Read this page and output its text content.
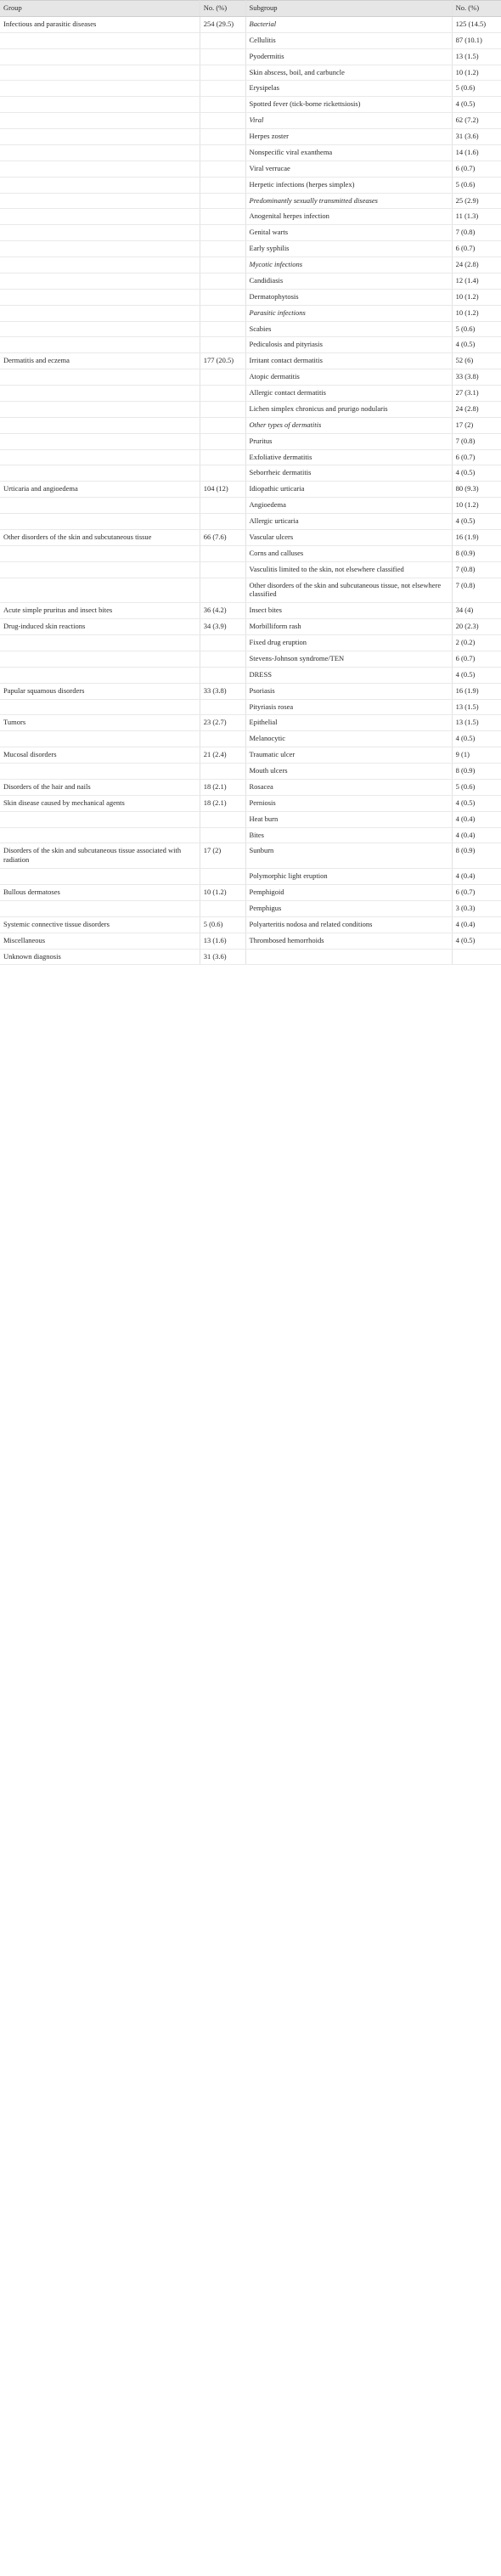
Group	No. (%)	Subgroup	No. (%)
Infectious and parasitic diseases	254 (29.5)	Bacterial	125 (14.5)
		Cellulitis	87 (10.1)
		Pyodermitis	13 (1.5)
		Skin abscess, boil, and carbuncle	10 (1.2)
		Erysipelas	5 (0.6)
		Spotted fever (tick-borne rickettsiosis)	4 (0.5)
		Viral	62 (7.2)
		Herpes zoster	31 (3.6)
		Nonspecific viral exanthema	14 (1.6)
		Viral verrucae	6 (0.7)
		Herpetic infections (herpes simplex)	5 (0.6)
		Predominantly sexually transmitted diseases	25 (2.9)
		Anogenital herpes infection	11 (1.3)
		Genital warts	7 (0.8)
		Early syphilis	6 (0.7)
		Mycotic infections	24 (2.8)
		Candidiasis	12 (1.4)
		Dermatophytosis	10 (1.2)
		Parasitic infections	10 (1.2)
		Scabies	5 (0.6)
		Pediculosis and pityriasis	4 (0.5)
Dermatitis and eczema	177 (20.5)	Irritant contact dermatitis	52 (6)
		Atopic dermatitis	33 (3.8)
		Allergic contact dermatitis	27 (3.1)
		Lichen simplex chronicus and prurigo nodularis	24 (2.8)
		Other types of dermatitis	17 (2)
		Pruritus	7 (0.8)
		Exfoliative dermatitis	6 (0.7)
		Seborrheic dermatitis	4 (0.5)
Urticaria and angioedema	104 (12)	Idiopathic urticaria	80 (9.3)
		Angioedema	10 (1.2)
		Allergic urticaria	4 (0.5)
Other disorders of the skin and subcutaneous tissue	66 (7.6)	Vascular ulcers	16 (1.9)
		Corns and calluses	8 (0.9)
		Vasculitis limited to the skin, not elsewhere classified	7 (0.8)
		Other disorders of the skin and subcutaneous tissue, not elsewhere classified	7 (0.8)
Acute simple pruritus and insect bites	36 (4.2)	Insect bites	34 (4)
Drug-induced skin reactions	34 (3.9)	Morbilliform rash	20 (2.3)
		Fixed drug eruption	2 (0.2)
		Stevens-Johnson syndrome/TEN	6 (0.7)
		DRESS	4 (0.5)
Papular squamous disorders	33 (3.8)	Psoriasis	16 (1.9)
		Pityriasis rosea	13 (1.5)
Tumors	23 (2.7)	Epithelial	13 (1.5)
		Melanocytic	4 (0.5)
Mucosal disorders	21 (2.4)	Traumatic ulcer	9 (1)
		Mouth ulcers	8 (0.9)
Disorders of the hair and nails	18 (2.1)	Rosacea	5 (0.6)
Skin disease caused by mechanical agents	18 (2.1)	Perniosis	4 (0.5)
		Heat burn	4 (0.4)
		Bites	4 (0.4)
Disorders of the skin and subcutaneous tissue associated with radiation	17 (2)	Sunburn	8 (0.9)
		Polymorphic light eruption	4 (0.4)
Bullous dermatoses	10 (1.2)	Pemphigoid	6 (0.7)
		Pemphigus	3 (0.3)
Systemic connective tissue disorders	5 (0.6)	Polyarteritis nodosa and related conditions	4 (0.4)
Miscellaneous	13 (1.6)	Thrombosed hemorrhoids	4 (0.5)
Unknown diagnosis	31 (3.6)		
